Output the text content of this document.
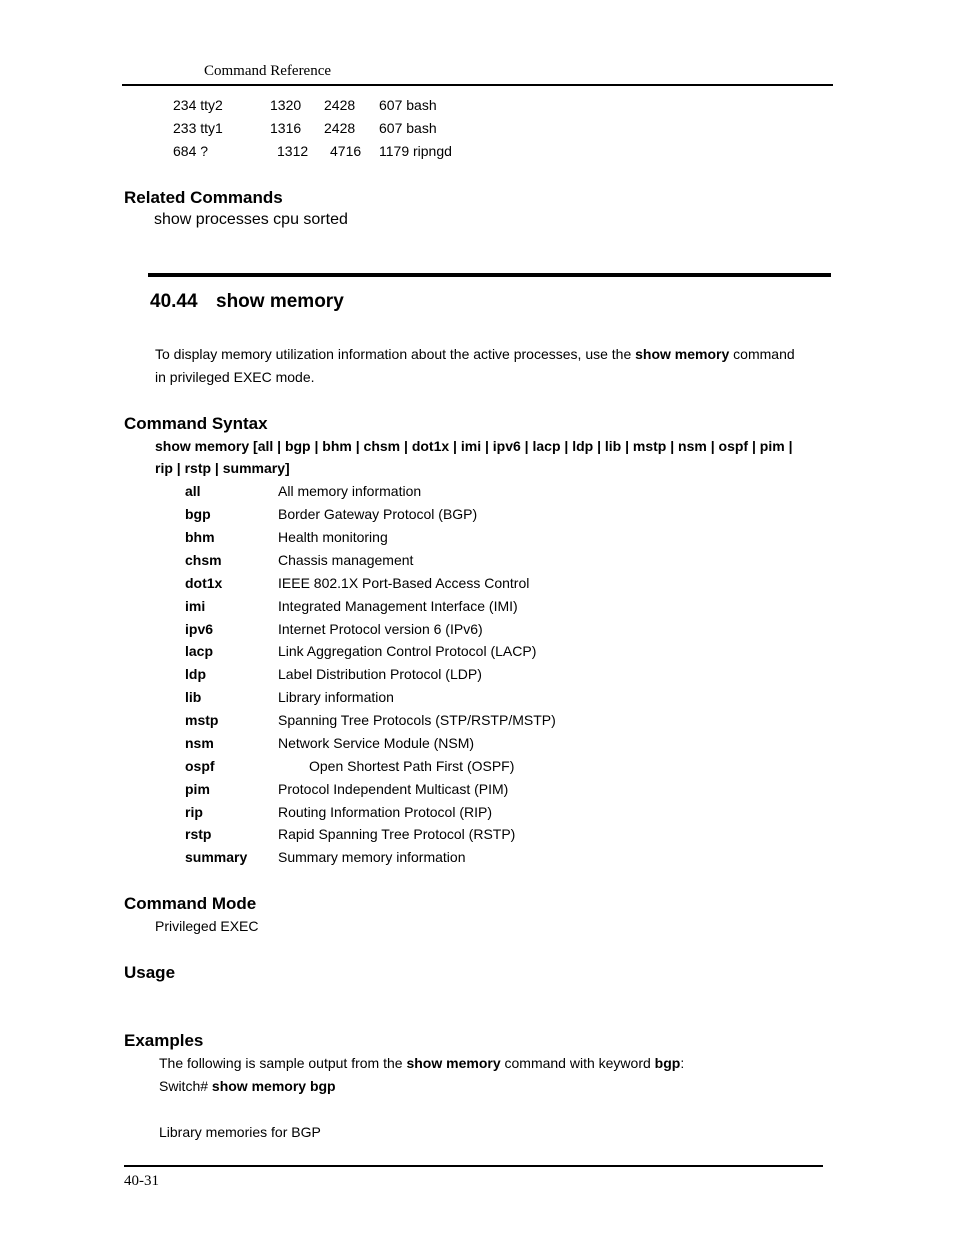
Command Reference
234 tty2	1320 2428 607 bash
233 tty1	1316 2428 607 bash
684 ?	1312 4716 1179 ripngd
Related Commands
show processes cpu sorted
40.44 show memory
To display memory utilization information about the active processes, use the show memory command
in privileged EXEC mode.
Command Syntax
show memory [all | bgp | bhm | chsm | dot1x | imi | ipv6 | lacp | ldp | lib | mstp | nsm | ospf | pim |
rip | rstp | summary]
all	All memory information
bgp	Border Gateway Protocol (BGP)
bhm	Health monitoring
chsm	Chassis management
dot1x	IEEE 802.1X Port-Based Access Control
imi	Integrated Management Interface (IMI)
ipv6	Internet Protocol version 6 (IPv6)
lacp	Link Aggregation Control Protocol (LACP)
ldp	Label Distribution Protocol (LDP)
lib	Library information
mstp	Spanning Tree Protocols (STP/RSTP/MSTP)
nsm	Network Service Module (NSM)
ospf	Open Shortest Path First (OSPF)
pim	Protocol Independent Multicast (PIM)
rip	Routing Information Protocol (RIP)
rstp	Rapid Spanning Tree Protocol (RSTP)
summary Summary memory information
Command Mode
Privileged EXEC
Usage
Examples
The following is sample output from the show memory command with keyword bgp:
Switch# show memory bgp
Library memories for BGP
40-31
